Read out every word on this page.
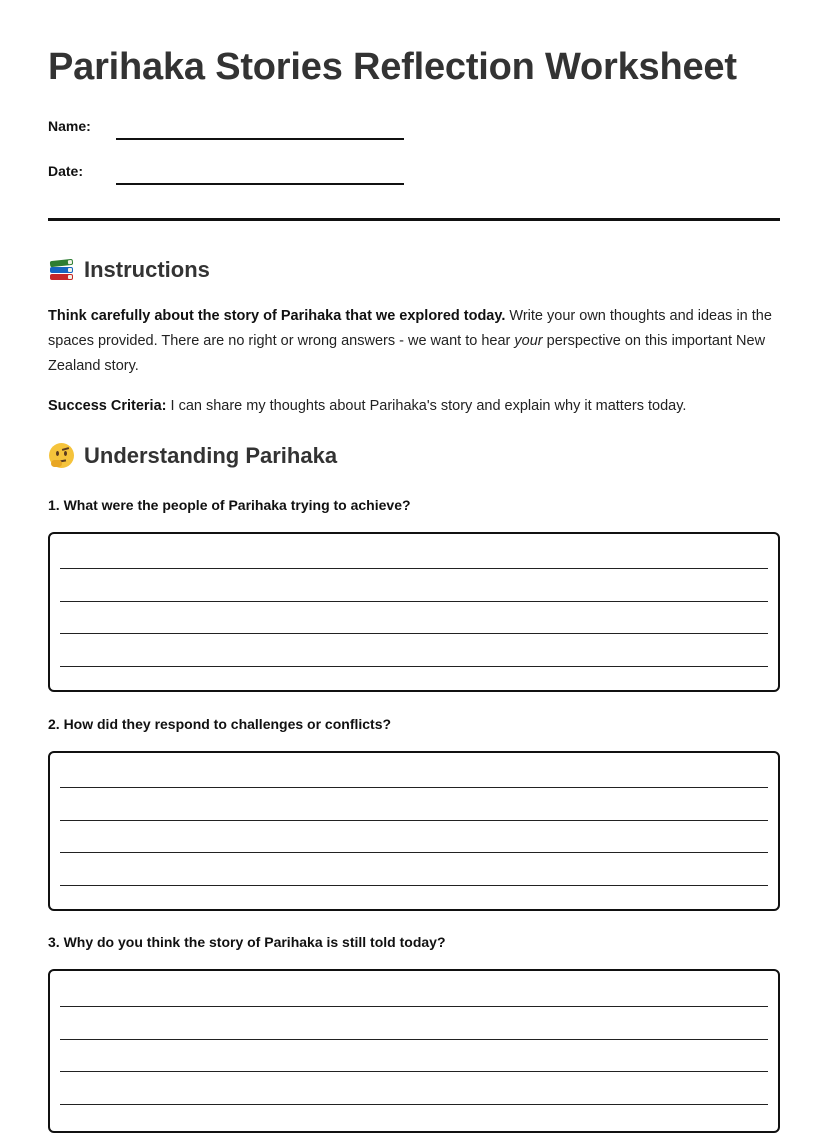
Parihaka Stories Reflection Worksheet
Name:
Date:
Instructions

Think carefully about the story of Parihaka that we explored today. Write your own thoughts and ideas in the spaces provided. There are no right or wrong answers - we want to hear your perspective on this important New Zealand story.

Success Criteria: I can share my thoughts about Parihaka's story and explain why it matters today.

Understanding Parihaka

1. What were the people of Parihaka trying to achieve?

2. How did they respond to challenges or conflicts?

3. Why do you think the story of Parihaka is still told today?
